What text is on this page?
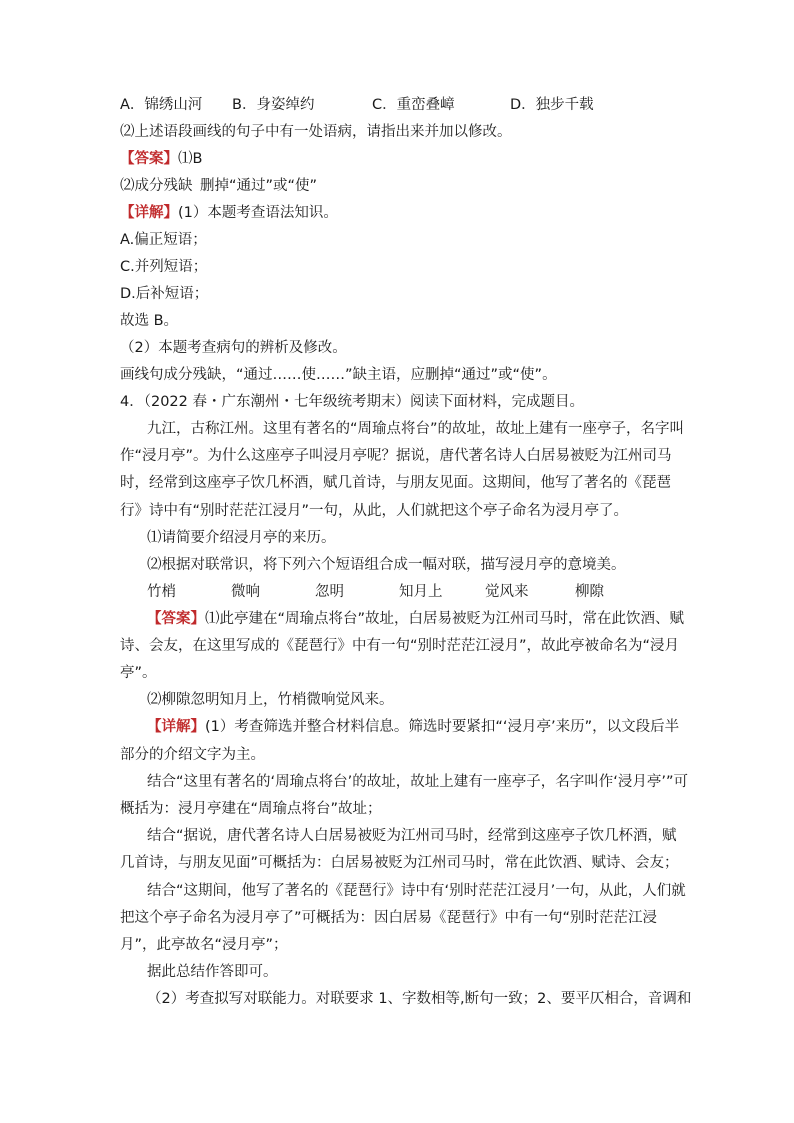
A．锦绣山河 B．身姿绰约	C．重峦叠嶂	D．独步千载
⑵上述语段画线的句子中有一处语病，请指出来并加以修改。
【答案】⑴B
⑵成分残缺 删掉“通过”或“使”
【详解】(1）本题考查语法知识。
A.偏正短语；
C.并列短语；
D.后补短语；
故选 B。
（2）本题考查病句的辨析及修改。
画线句成分残缺，“通过……使……”缺主语，应删掉“通过”或“使”。
4．（2022 春・广东潮州・七年级统考期末）阅读下面材料，完成题目。

九江，古称江州。这里有著名的“周瑜点将台”的故址，故址上建有一座亭子，名字叫作“浸月亭”。为什么这座亭子叫浸月亭呢？据说，唐代著名诗人白居易被贬为江州司马时，经常到这座亭子饮几杯酒，赋几首诗，与朋友见面。这期间，他写了著名的《琵琶行》诗中有“别时茫茫江浸月”一句，从此，人们就把这个亭子命名为浸月亭了。

⑴请简要介绍浸月亭的来历。
⑵根据对联常识，将下列六个短语组合成一幅对联，描写浸月亭的意境美。
竹梢	微响	忽明	知月上	觉风来	柳隙

【答案】⑴此亭建在“周瑜点将台”故址，白居易被贬为江州司马时，常在此饮酒、赋诗、会友，在这里写成的《琵琶行》中有一句“别时茫茫江浸月”，故此亭被命名为“浸月亭”。

⑵柳隙忽明知月上，竹梢微响觉风来。

【详解】(1）考查筛选并整合材料信息。筛选时要紧扣“‘浸月亭’来历”，以文段后半部分的介绍文字为主。

结合“这里有著名的‘周瑜点将台’的故址，故址上建有一座亭子，名字叫作‘浸月亭’”可概括为：浸月亭建在“周瑜点将台”故址；

结合“据说，唐代著名诗人白居易被贬为江州司马时，经常到这座亭子饮几杯酒，赋几首诗，与朋友见面”可概括为：白居易被贬为江州司马时，常在此饮酒、赋诗、会友；

结合“这期间，他写了著名的《琵琶行》诗中有‘别时茫茫江浸月’一句，从此，人们就把这个亭子命名为浸月亭了”可概括为：因白居易《琵琶行》中有一句“别时茫茫江浸月”，此亭故名“浸月亭”；

据此总结作答即可。
（2）考查拟写对联能力。对联要求 1、字数相等,断句一致；2、要平仄相合，音调和
